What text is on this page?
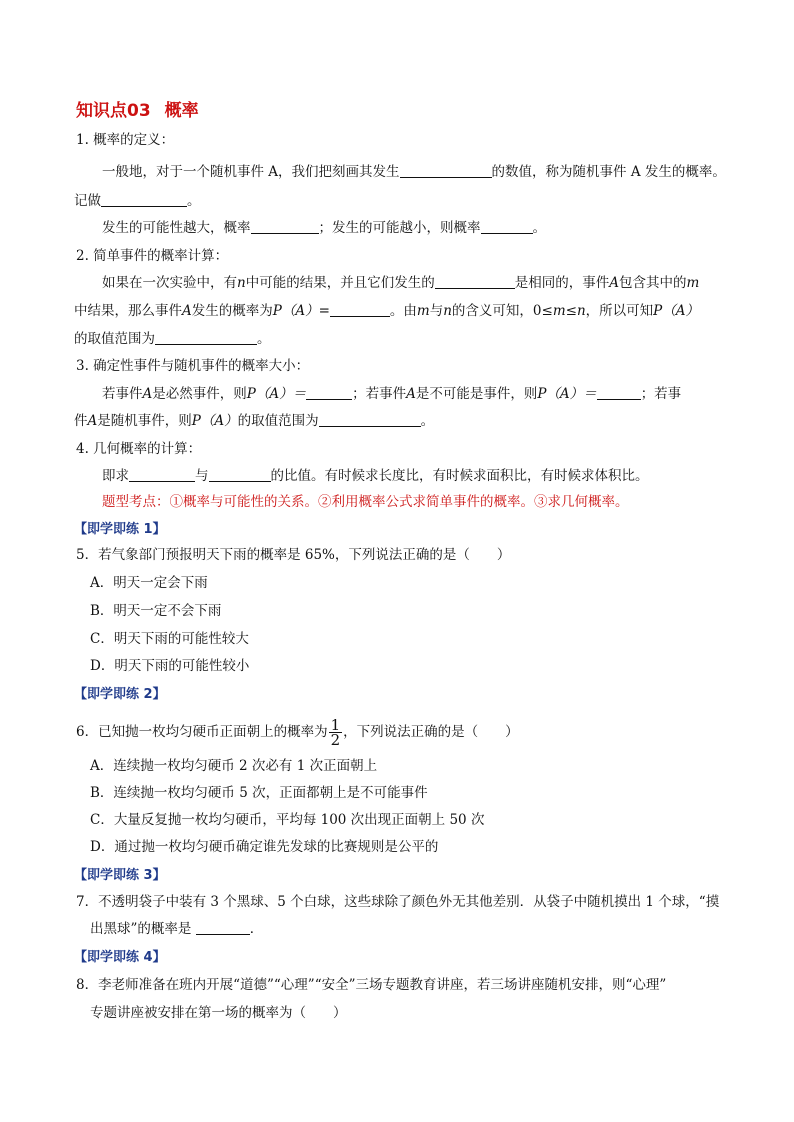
知识点03 概率
1. 概率的定义：
一般地，对于一个随机事件 A，我们把刻画其发生	的数值，称为随机事件 A 发生的概率。
记做	。
发生的可能性越大，概率	；发生的可能越小，则概率	。
2. 简单事件的概率计算：
如果在一次实验中，有n中可能的结果，并且它们发生的	是相同的，事件A包含其中的m
中结果，那么事件A发生的概率为P（A）=	。由m与n的含义可知，0≤m≤n，所以可知P（A）
的取值范围为	。
3. 确定性事件与随机事件的概率大小：
若事件A是必然事件，则P（A）＝	；若事件A是不可能是事件，则P（A）＝	；若事
件A是随机事件，则P（A）的取值范围为	。
4. 几何概率的计算：
即求	与	的比值。有时候求长度比，有时候求面积比，有时候求体积比。
题型考点：①概率与可能性的关系。②利用概率公式求简单事件的概率。③求几何概率。
【即学即练 1】
5．若气象部门预报明天下雨的概率是 65%，下列说法正确的是（　　）
A．明天一定会下雨
B．明天一定不会下雨
C．明天下雨的可能性较大
D．明天下雨的可能性较小
【即学即练 2】
6．已知抛一枚均匀硬币正面朝上的概率为 $\frac{1}{2}$ ，下列说法正确的是（　　）
A．连续抛一枚均匀硬币 2 次必有 1 次正面朝上
B．连续抛一枚均匀硬币 5 次，正面都朝上是不可能事件
C．大量反复抛一枚均匀硬币，平均每 100 次出现正面朝上 50 次
D．通过抛一枚均匀硬币确定谁先发球的比赛规则是公平的
【即学即练 3】
7．不透明袋子中装有 3 个黑球、5 个白球，这些球除了颜色外无其他差别．从袋子中随机摸出 1 个球，“摸
出黑球”的概率是	．
【即学即练 4】
8．李老师准备在班内开展“道德”“心理”“安全”三场专题教育讲座，若三场讲座随机安排，则“心理”
专题讲座被安排在第一场的概率为（　　）
